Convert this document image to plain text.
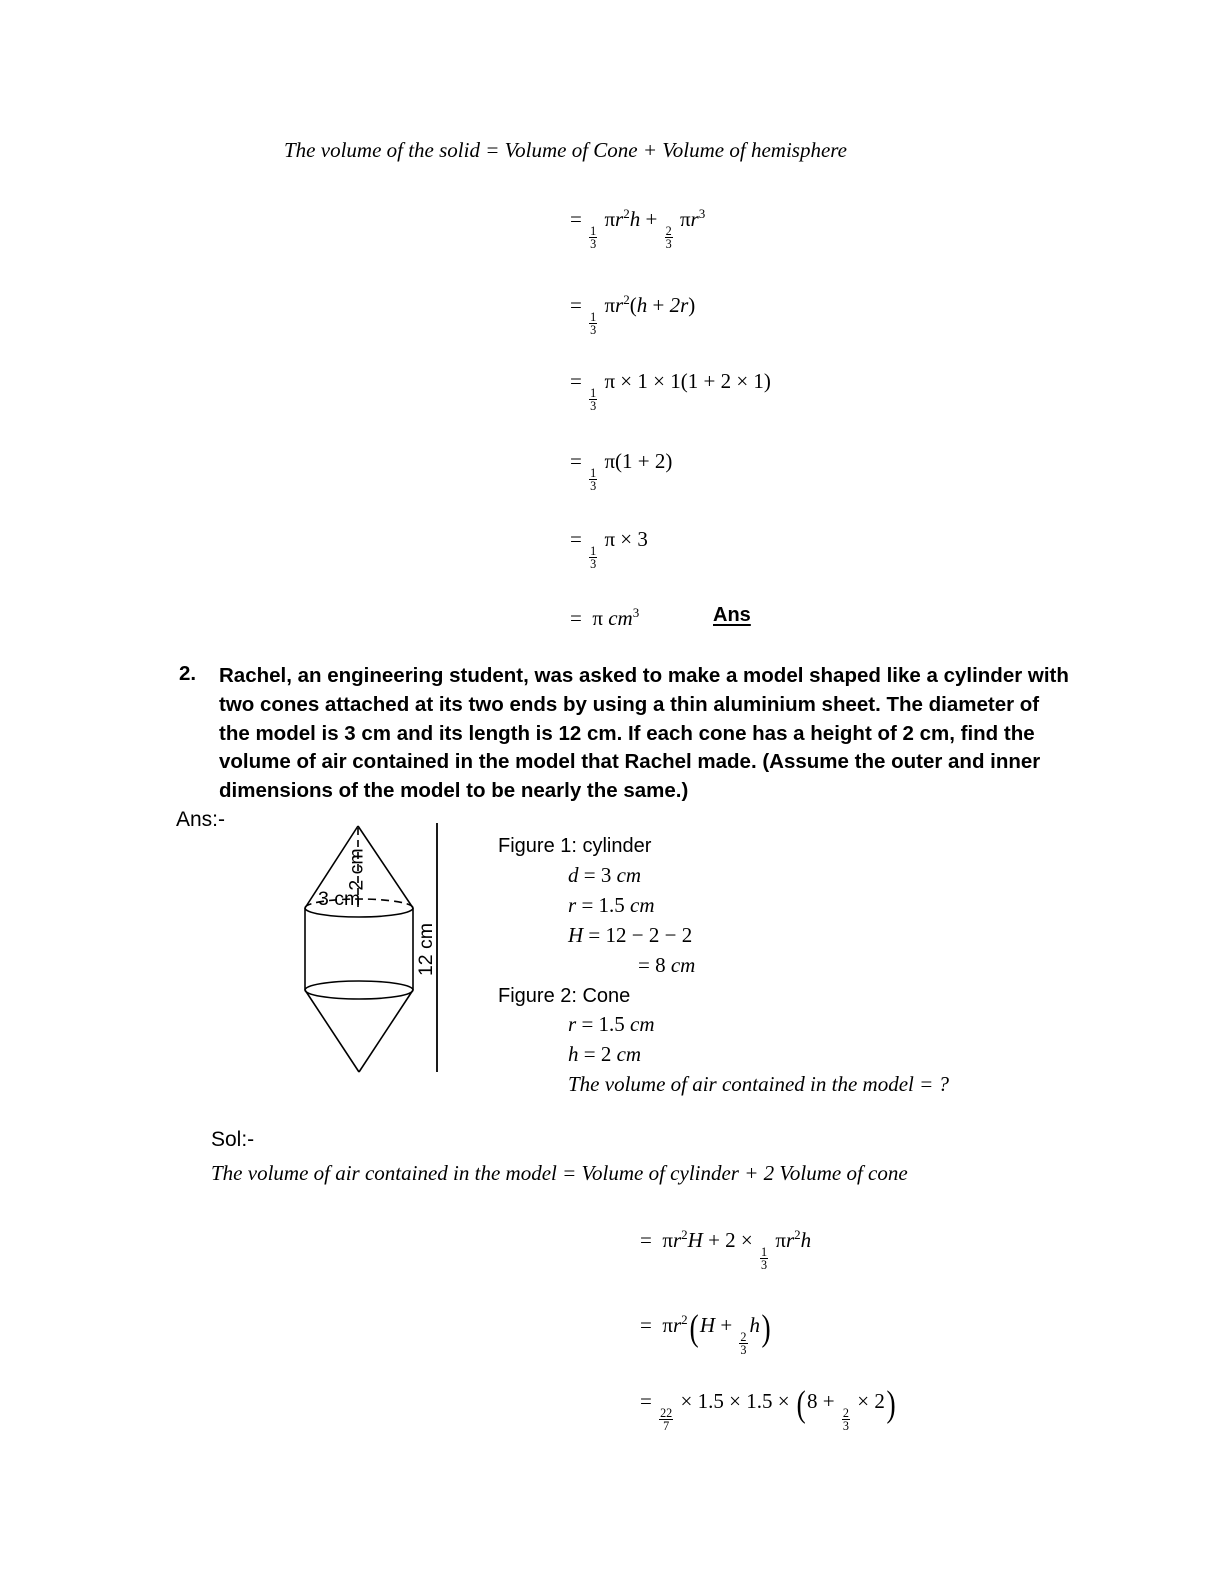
The volume of the solid = Volume of Cone + Volume of hemisphere
=
$\frac{1}{3}$
$\pi r^2h$ +
$\frac{2}{3}$
$\pi r^3$
=
$\frac{1}{3}$
$\pi r^2(h + 2r)$
=
$\frac{1}{3}$
π × 1 × 1(1 + 2 × 1)
=
$\frac{1}{3}$
π(1 + 2)
=
$\frac{1}{3}$
π × 3
= π $cm^3$	Ans
2. Rachel, an engineering student, was asked to make a model shaped like a cylinder with two cones attached at its two ends by using a thin aluminium sheet. The diameter of the model is 3 cm and its length is 12 cm. If each cone has a height of 2 cm, find the volume of air contained in the model that Rachel made. (Assume the outer and inner dimensions of the model to be nearly the same.)
Ans:-
2 cm
3 cm
12 cm
Figure 1: cylinder
d = 3 cm
r = 1.5 cm
H = 12 − 2 − 2
= 8 cm
Figure 2: Cone
r = 1.5 cm
h = 2 cm
The volume of air contained in the model = ?
Sol:-
The volume of air contained in the model = Volume of cylinder + 2 Volume of cone
= $\pi r^2H + 2$ ×
$\frac{1}{3}$
$\pi r^2h$
= $\pi r^2(H$ +
$\frac{2}{3}$
h)
=
$\frac{22}{7}$
× 1.5 × 1.5 × (8 +
$\frac{2}{3}$
× 2)
